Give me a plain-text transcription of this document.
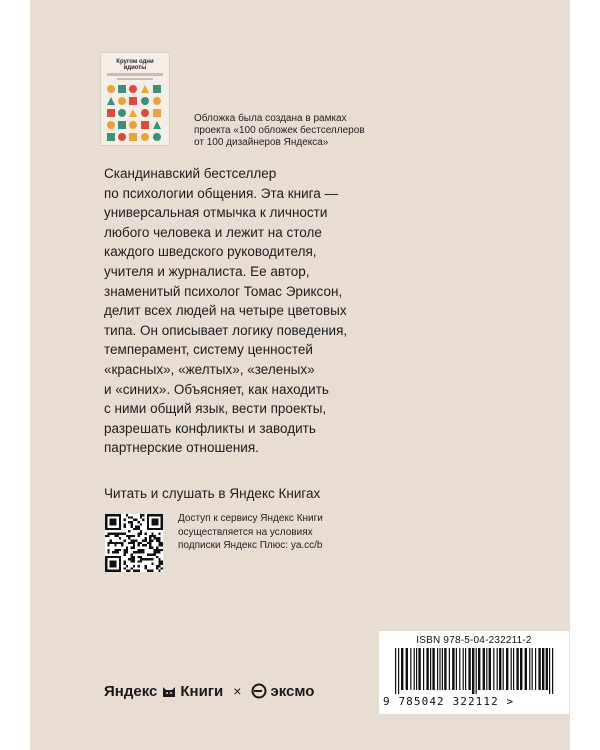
Кругом одни
идиоты
Обложка была создана в рамках
проекта «100 обложек бестселлеров
от 100 дизайнеров Яндекса»
Скандинавский бестселлер
по психологии общения. Эта книга —
универсальная отмычка к личности
любого человека и лежит на столе
каждого шведского руководителя,
учителя и журналиста. Ее автор,
знаменитый психолог Томас Эриксон,
делит всех людей на четыре цветовых
типа. Он описывает логику поведения,
темперамент, систему ценностей
«красных», «желтых», «зеленых»
и «синих». Объясняет, как находить
с ними общий язык, вести проекты,
разрешать конфликты и заводить
партнерские отношения.
Читать и слушать в Яндекс Книгах
Доступ к сервису Яндекс Книги
осуществляется на условиях
подписки Яндекс Плюс: ya.cc/b
Яндекс Книги × эксмо
ISBN 978-5-04-232211-2
9 785042 322112 >
